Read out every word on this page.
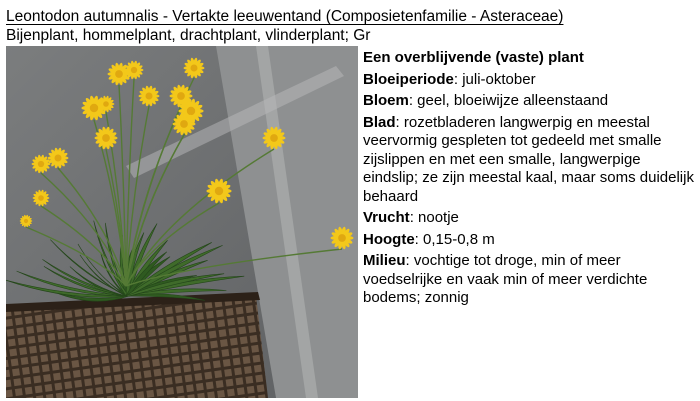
Leontodon autumnalis - Vertakte leeuwentand (Composietenfamilie - Asteraceae)
Bijenplant, hommelplant, drachtplant, vlinderplant; Gr

Een overblijvende (vaste) plant

Bloeiperiode: juli-oktober

Bloem: geel, bloeiwijze alleenstaand

Blad: rozetbladeren langwerpig en meestal veervormig gespleten tot gedeeld met smalle zijslippen en met een smalle, langwerpige eindslip; ze zijn meestal kaal, maar soms duidelijk behaard

Vrucht: nootje

Hoogte: 0,15-0,8 m

Milieu: vochtige tot droge, min of meer voedselrijke en vaak min of meer verdichte bodems; zonnig
